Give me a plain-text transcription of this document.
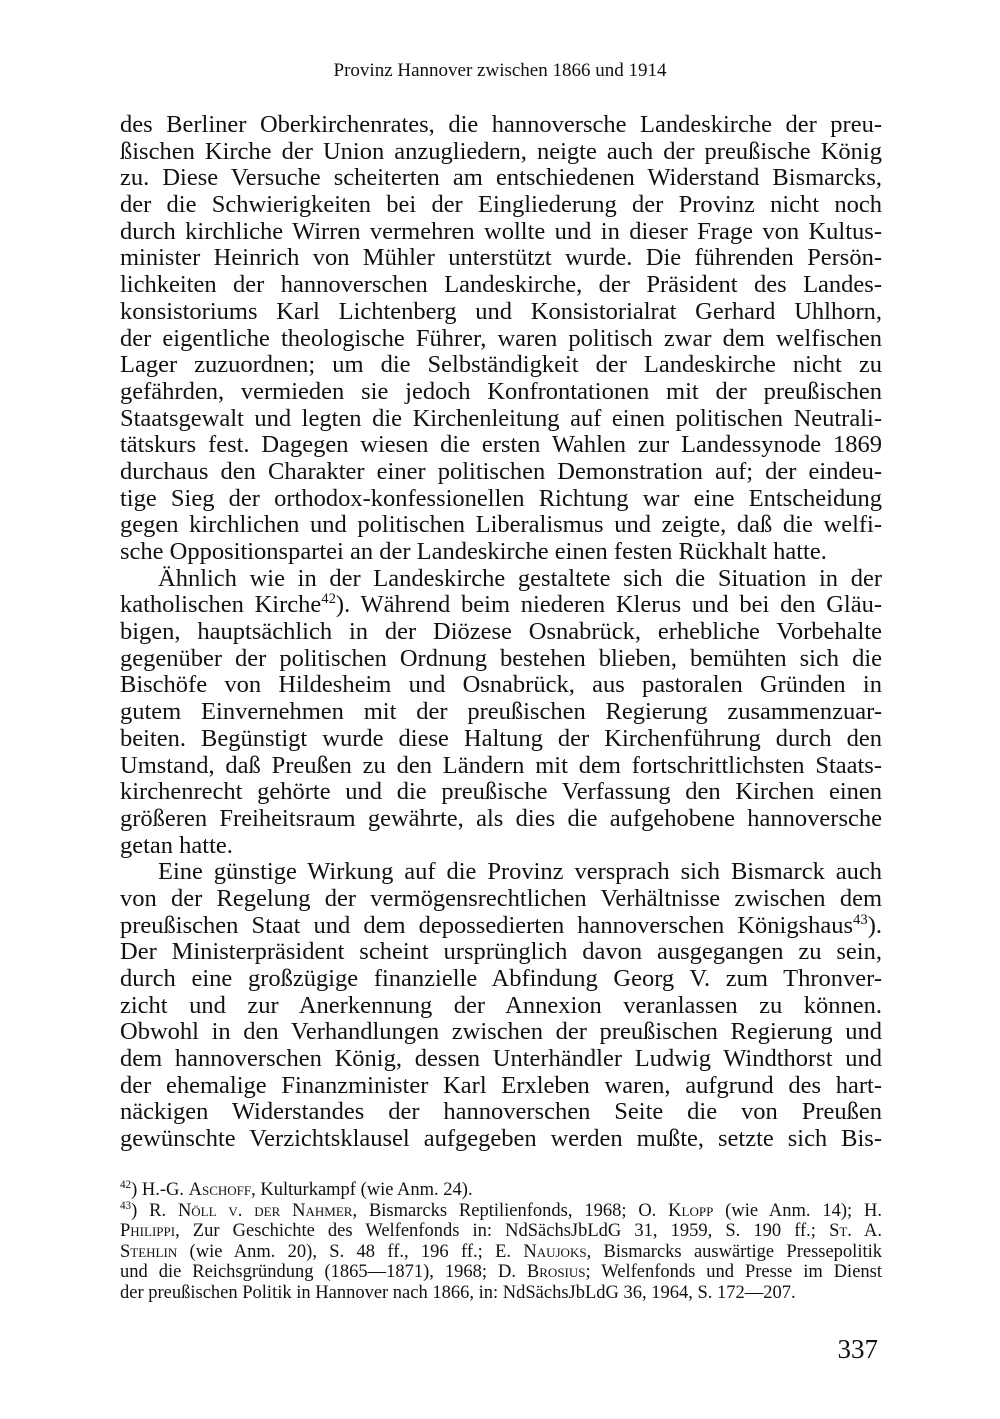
Provinz Hannover zwischen 1866 und 1914
des Berliner Oberkirchenrates, die hannoversche Landeskirche der preu-
ßischen Kirche der Union anzugliedern, neigte auch der preußische König
zu. Diese Versuche scheiterten am entschiedenen Widerstand Bismarcks,
der die Schwierigkeiten bei der Eingliederung der Provinz nicht noch
durch kirchliche Wirren vermehren wollte und in dieser Frage von Kultus-
minister Heinrich von Mühler unterstützt wurde. Die führenden Persön-
lichkeiten der hannoverschen Landeskirche, der Präsident des Landes-
konsistoriums Karl Lichtenberg und Konsistorialrat Gerhard Uhlhorn,
der eigentliche theologische Führer, waren politisch zwar dem welfischen
Lager zuzuordnen; um die Selbständigkeit der Landeskirche nicht zu
gefährden, vermieden sie jedoch Konfrontationen mit der preußischen
Staatsgewalt und legten die Kirchenleitung auf einen politischen Neutrali-
tätskurs fest. Dagegen wiesen die ersten Wahlen zur Landessynode 1869
durchaus den Charakter einer politischen Demonstration auf; der eindeu-
tige Sieg der orthodox-konfessionellen Richtung war eine Entscheidung
gegen kirchlichen und politischen Liberalismus und zeigte, daß die welfi-
sche Oppositionspartei an der Landeskirche einen festen Rückhalt hatte.
Ähnlich wie in der Landeskirche gestaltete sich die Situation in der
katholischen Kirche$^{42}$). Während beim niederen Klerus und bei den Gläu-
bigen, hauptsächlich in der Diözese Osnabrück, erhebliche Vorbehalte
gegenüber der politischen Ordnung bestehen blieben, bemühten sich die
Bischöfe von Hildesheim und Osnabrück, aus pastoralen Gründen in
gutem Einvernehmen mit der preußischen Regierung zusammenzuar-
beiten. Begünstigt wurde diese Haltung der Kirchenführung durch den
Umstand, daß Preußen zu den Ländern mit dem fortschrittlichsten Staats-
kirchenrecht gehörte und die preußische Verfassung den Kirchen einen
größeren Freiheitsraum gewährte, als dies die aufgehobene hannoversche
getan hatte.
Eine günstige Wirkung auf die Provinz versprach sich Bismarck auch
von der Regelung der vermögensrechtlichen Verhältnisse zwischen dem
preußischen Staat und dem depossedierten hannoverschen Königshaus$^{43}$).
Der Ministerpräsident scheint ursprünglich davon ausgegangen zu sein,
durch eine großzügige finanzielle Abfindung Georg V. zum Thronver-
zicht und zur Anerkennung der Annexion veranlassen zu können.
Obwohl in den Verhandlungen zwischen der preußischen Regierung und
dem hannoverschen König, dessen Unterhändler Ludwig Windthorst und
der ehemalige Finanzminister Karl Erxleben waren, aufgrund des hart-
näckigen Widerstandes der hannoverschen Seite die von Preußen
gewünschte Verzichtsklausel aufgegeben werden mußte, setzte sich Bis-
$^{42}$) H.-G. Aschoff, Kulturkampf (wie Anm. 24).
$^{43}$) R. Nöll v. der Nahmer, Bismarcks Reptilienfonds, 1968; O. Klopp (wie Anm. 14); H.
Philippi, Zur Geschichte des Welfenfonds in: NdSächsJbLdG 31, 1959, S. 190 ff.; St. A.
Stehlin (wie Anm. 20), S. 48 ff., 196 ff.; E. Naujoks, Bismarcks auswärtige Pressepolitik
und die Reichsgründung (1865—1871), 1968; D. Brosius; Welfenfonds und Presse im Dienst
der preußischen Politik in Hannover nach 1866, in: NdSächsJbLdG 36, 1964, S. 172—207.
337
